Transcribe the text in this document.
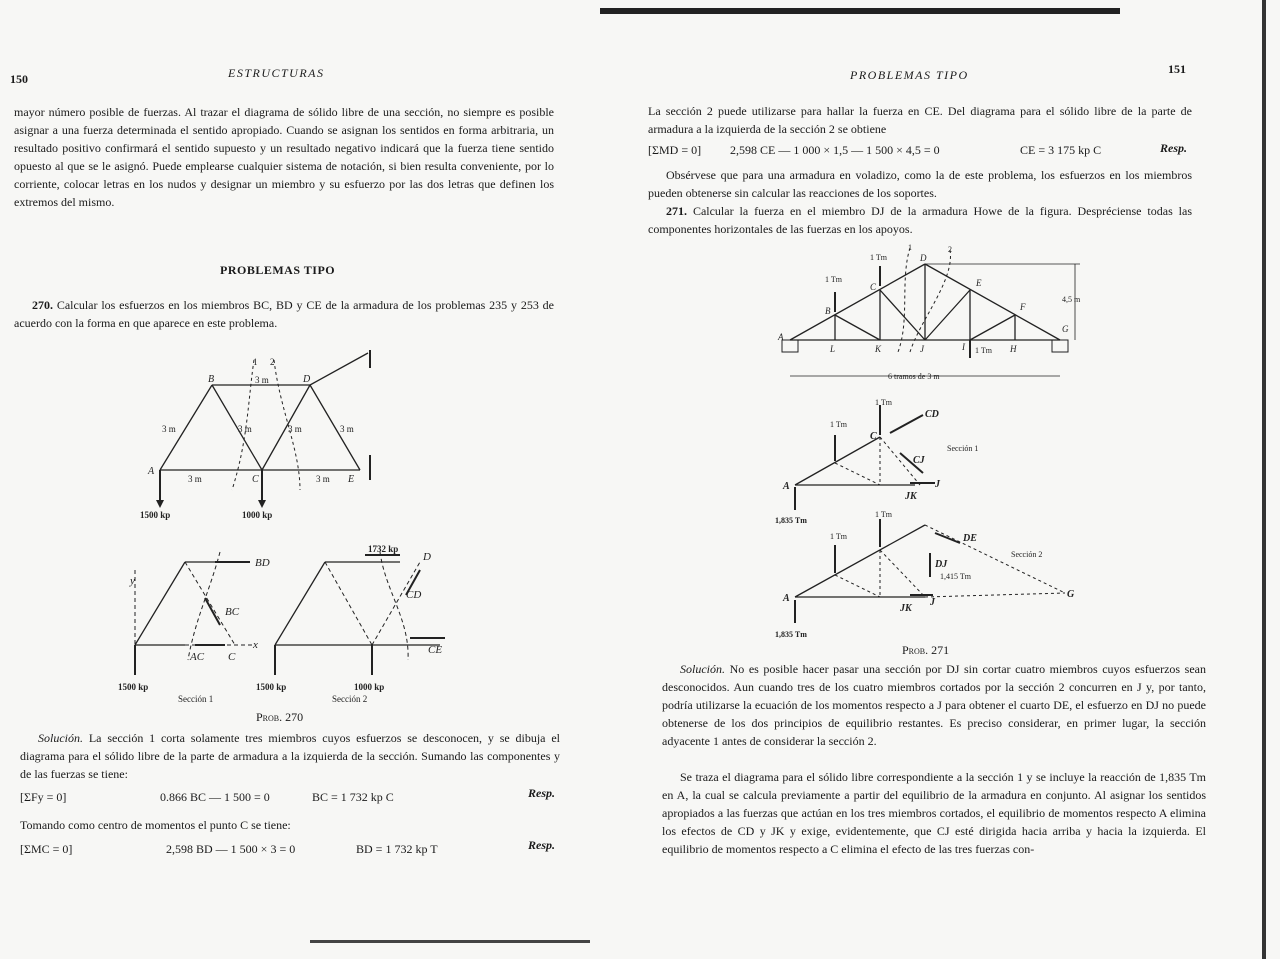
150	ESTRUCTURAS
mayor número posible de fuerzas. Al trazar el diagrama de sólido libre de una sección, no siempre es posible asignar a una fuerza determinada el sentido apropiado. Cuando se asignan los sentidos en forma arbitraria, un resultado positivo confirmará el sentido supuesto y un resultado negativo indicará que la fuerza tiene sentido opuesto al que se le asignó. Puede emplearse cualquier sistema de notación, si bien resulta conveniente, por lo corriente, colocar letras en los nudos y designar un miembro y su esfuerzo por las dos letras que definen los extremos del mismo.
PROBLEMAS TIPO
270. Calcular los esfuerzos en los miembros BC, BD y CE de la armadura de los problemas 235 y 253 de acuerdo con la forma en que aparece en este problema.
A
B
C
D
E
1 2
3 m
3 m	3 m	3 m	3 m
3 m	3 m
1500 kp	1000 kp
BD
BC
AC C
x
y
D
CD
CE
1732 kp
1500 kp	1500 kp	1000 kp
Sección 1	Sección 2
Prob. 270
Solución. La sección 1 corta solamente tres miembros cuyos esfuerzos se desconocen, y se dibuja el diagrama para el sólido libre de la parte de armadura a la izquierda de la sección. Sumando las componentes y de las fuerzas se tiene:
[ΣFy = 0]	0.866 BC — 1 500 = 0	BC = 1 732 kp C	Resp.
Tomando como centro de momentos el punto C se tiene:
[ΣMC = 0]	2,598 BD — 1 500 × 3 = 0	BD = 1 732 kp T	Resp.
151
PROBLEMAS TIPO
La sección 2 puede utilizarse para hallar la fuerza en CE. Del diagrama para el sólido libre de la parte de armadura a la izquierda de la sección 2 se obtiene
[ΣMD = 0] 2,598 CE — 1 000 × 1,5 — 1 500 × 4,5 = 0	CE = 3 175 kp C	Resp.
Obsérvese que para una armadura en voladizo, como la de este problema, los esfuerzos en los miembros pueden obtenerse sin calcular las reacciones de los soportes.
271. Calcular la fuerza en el miembro DJ de la armadura Howe de la figura. Despréciense todas las componentes horizontales de las fuerzas en los apoyos.
A
B
C
D
E
F
G
H
I
J
K
L
1 Tm
1 Tm
1 Tm
4,5 m
6 tramos de 3 m
1	2
CD
CJ
JK
A
C
J
1 Tm
1 Tm
1,835 Tm
Sección 1
DE
DJ
JK
A	J
G
1 Tm
1 Tm
1,835 Tm
1,415 Tm
Sección 2
Prob. 271
Solución. No es posible hacer pasar una sección por DJ sin cortar cuatro miembros cuyos esfuerzos sean desconocidos. Aun cuando tres de los cuatro miembros cortados por la sección 2 concurren en J y, por tanto, podría utilizarse la ecuación de los momentos respecto a J para obtener el cuarto DE, el esfuerzo en DJ no puede obtenerse de los dos principios de equilibrio restantes. Es preciso considerar, en primer lugar, la sección adyacente 1 antes de considerar la sección 2.
Se traza el diagrama para el sólido libre correspondiente a la sección 1 y se incluye la reacción de 1,835 Tm en A, la cual se calcula previamente a partir del equilibrio de la armadura en conjunto. Al asignar los sentidos apropiados a las fuerzas que actúan en los tres miembros cortados, el equilibrio de momentos respecto A elimina los efectos de CD y JK y exige, evidentemente, que CJ esté dirigida hacia arriba y hacia la izquierda. El equilibrio de momentos respecto a C elimina el efecto de las tres fuerzas con-
